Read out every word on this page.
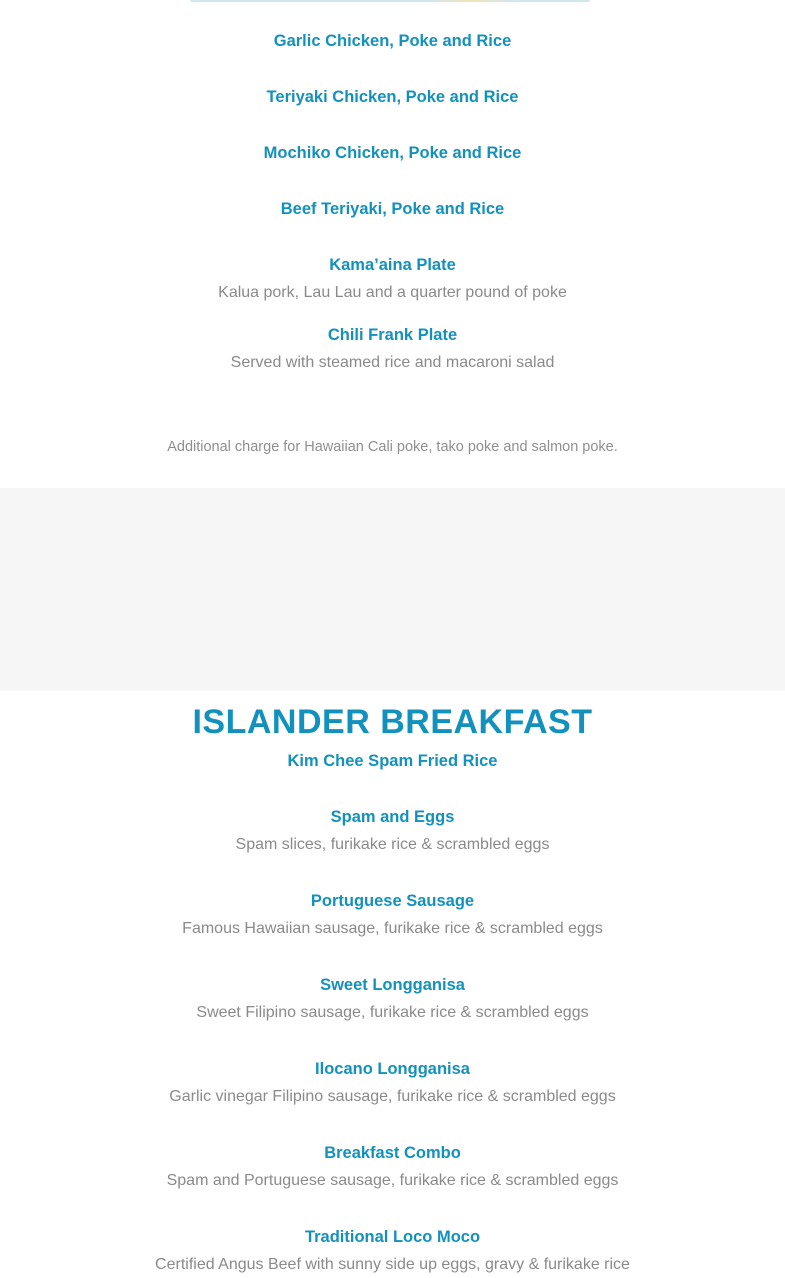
Garlic Chicken, Poke and Rice
Teriyaki Chicken, Poke and Rice
Mochiko Chicken, Poke and Rice
Beef Teriyaki, Poke and Rice
Kama’aina Plate
Kalua pork, Lau Lau and a quarter pound of poke
Chili Frank Plate
Served with steamed rice and macaroni salad
Additional charge for Hawaiian Cali poke, tako poke and salmon poke.
ISLANDER BREAKFAST
Kim Chee Spam Fried Rice
Spam and Eggs
Spam slices, furikake rice & scrambled eggs
Portuguese Sausage
Famous Hawaiian sausage, furikake rice & scrambled eggs
Sweet Longganisa
Sweet Filipino sausage, furikake rice & scrambled eggs
Ilocano Longganisa
Garlic vinegar Filipino sausage, furikake rice & scrambled eggs
Breakfast Combo
Spam and Portuguese sausage, furikake rice & scrambled eggs
Traditional Loco Moco
Certified Angus Beef with sunny side up eggs, gravy & furikake rice
